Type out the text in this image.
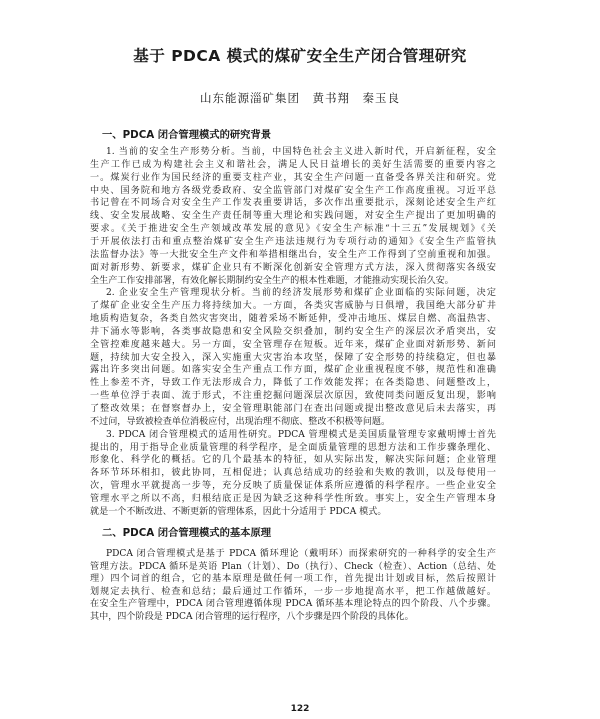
基于 PDCA 模式的煤矿安全生产闭合管理研究
山东能源淄矿集团　黄书翔　秦玉良
一、PDCA 闭合管理模式的研究背景
1. 当前的安全生产形势分析。当前，中国特色社会主义进入新时代，开启新征程，安全
生产工作已成为构建社会主义和谐社会，满足人民日益增长的美好生活需要的重要内容之
一。煤炭行业作为国民经济的重要支柱产业，其安全生产问题一直备受各界关注和研究。党
中央、国务院和地方各级党委政府、安全监管部门对煤矿安全生产工作高度重视。习近平总
书记曾在不同场合对安全生产工作发表重要讲话，多次作出重要批示，深刻论述安全生产红
线、安全发展战略、安全生产责任制等重大理论和实践问题，对安全生产提出了更加明确的
要求。《关于推进安全生产领域改革发展的意见》《安全生产标准“十三五”发展规划》《关
于开展依法打击和重点整治煤矿安全生产违法违规行为专项行动的通知》《安全生产监管执
法监督办法》等一大批安全生产文件和举措相继出台，安全生产工作得到了空前重视和加强。
面对新形势、新要求，煤矿企业只有不断深化创新安全管理方式方法，深入贯彻落实各级安
全生产工作安排部署，有效化解长期制约安全生产的根本性难题，才能推动实现长治久安。
2. 企业安全生产管理现状分析。当前的经济发展形势和煤矿企业面临的实际问题，决定
了煤矿企业安全生产压力将持续加大。一方面，各类灾害威胁与日俱增，我国绝大部分矿井
地质构造复杂，各类自然灾害突出，随着采场不断延伸，受冲击地压、煤层自燃、高温热害、
井下涌水等影响，各类事故隐患和安全风险交织叠加，制约安全生产的深层次矛盾突出，安
全管控难度越来越大。另一方面，安全管理存在短板。近年来，煤矿企业面对新形势、新问
题，持续加大安全投入，深入实施重大灾害治本攻坚，保障了安全形势的持续稳定，但也暴
露出许多突出问题。如落实安全生产重点工作方面，煤矿企业重视程度不够，规范性和准确
性上参差不齐，导致工作无法形成合力，降低了工作效能发挥；在各类隐患、问题整改上，
一些单位浮于表面、流于形式，不注重挖掘问题深层次原因，致使同类问题反复出现，影响
了整改效果；在督察督办上，安全管理职能部门在查出问题或提出整改意见后未去落实，再
不过问，导致被检查单位消极应付，出现治理不彻底、整改不积极等问题。
3. PDCA 闭合管理模式的适用性研究。PDCA 管理模式是美国质量管理专家戴明博士首先
提出的，用于指导企业质量管理的科学程序，是全面质量管理的思想方法和工作步骤条理化、
形象化、科学化的概括。它的几个最基本的特征，如从实际出发，解决实际问题；企业管理
各环节环环相扣，彼此协同，互相促进；认真总结成功的经验和失败的教训，以及每使用一
次，管理水平就提高一步等，充分反映了质量保证体系所应遵循的科学程序。一些企业安全
管理水平之所以不高，归根结底正是因为缺乏这种科学性所致。事实上，安全生产管理本身
就是一个不断改进、不断更新的管理体系，因此十分适用于 PDCA 模式。
二、PDCA 闭合管理模式的基本原理
PDCA 闭合管理模式是基于 PDCA 循环理论（戴明环）而探索研究的一种科学的安全生产
管理方法。PDCA 循环是英语 Plan（计划）、Do（执行）、Check（检查）、Action（总结、处
理）四个词首的组合，它的基本原理是做任何一项工作，首先提出计划或目标，然后按照计
划规定去执行、检查和总结；最后通过工作循环，一步一步地提高水平，把工作越做越好。
在安全生产管理中，PDCA 闭合管理遵循体现 PDCA 循环基本理论特点的四个阶段、八个步骤。
其中，四个阶段是 PDCA 闭合管理的运行程序，八个步骤是四个阶段的具体化。
122
